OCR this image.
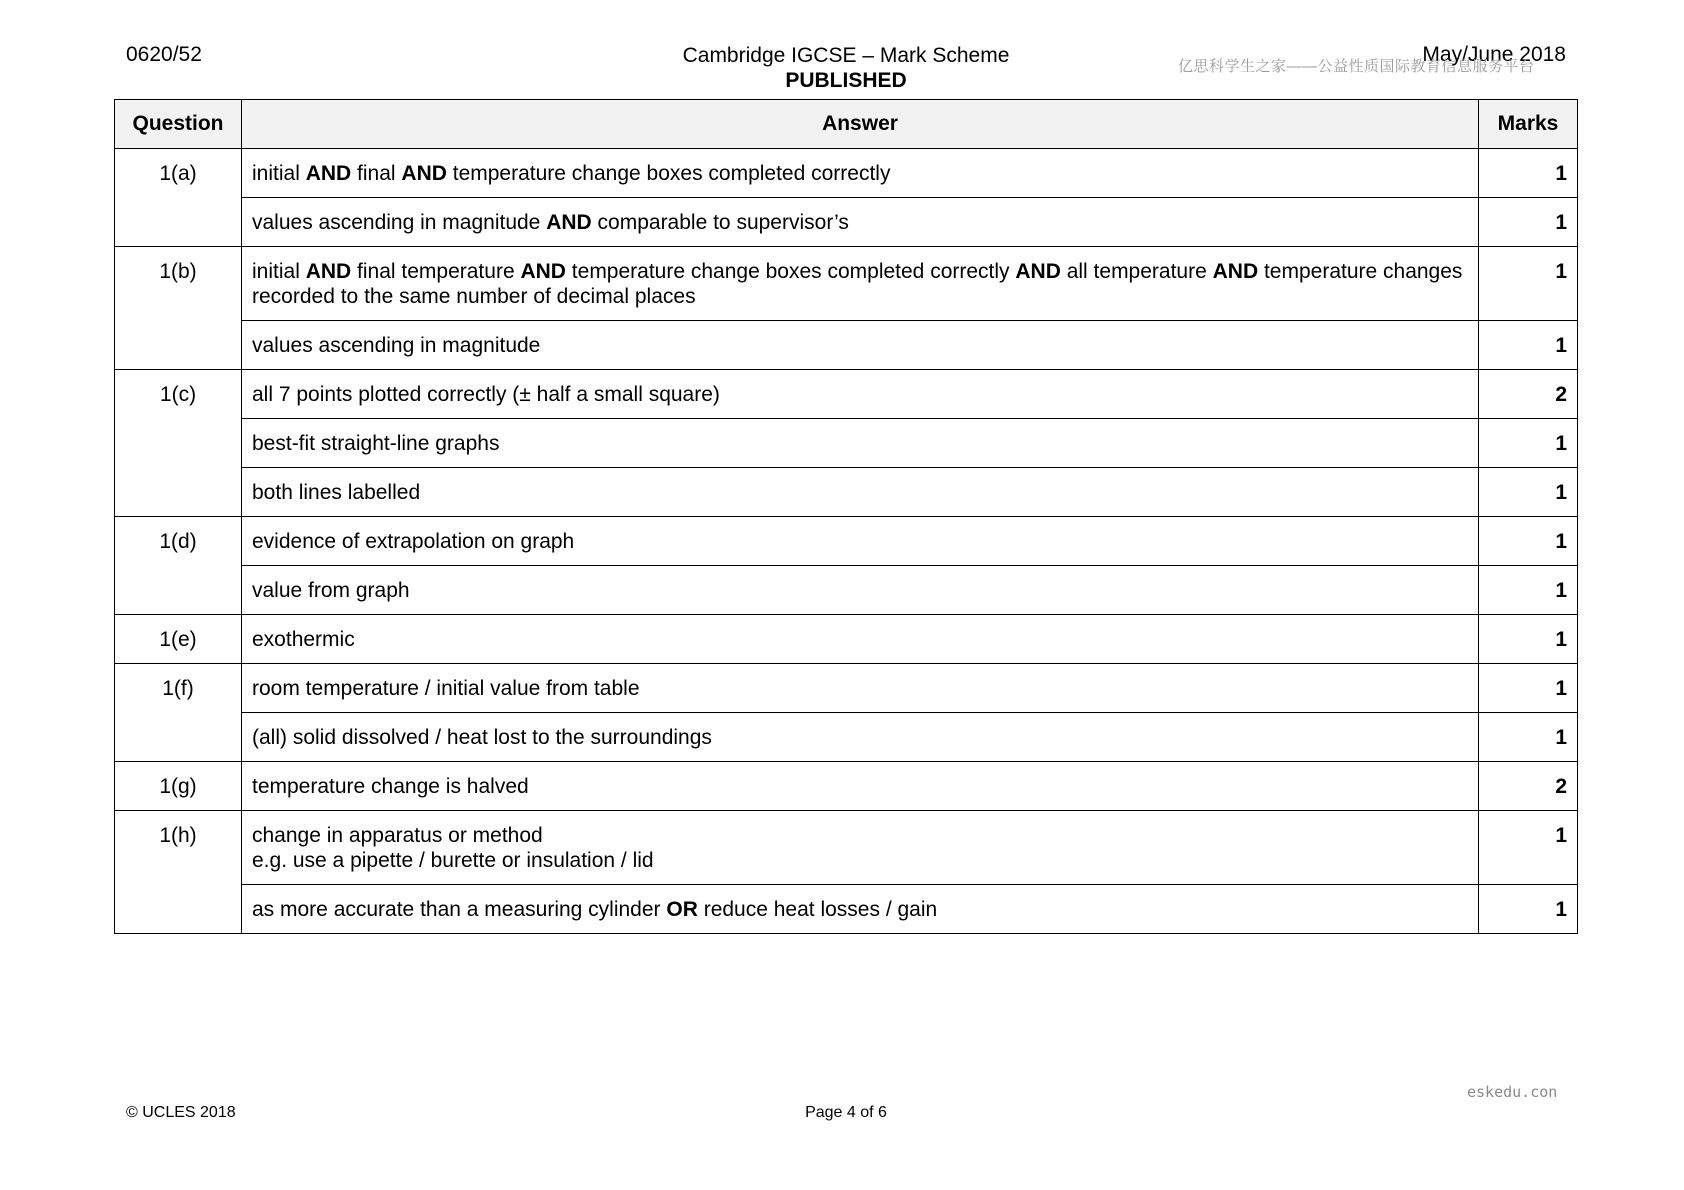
0620/52	Cambridge IGCSE – Mark Scheme
PUBLISHED
May/June 2018
亿思科学生之家——公益性质国际教育信息服务平台
Question	Answer	Marks
1(a)	initial AND final AND temperature change boxes completed correctly	1
	values ascending in magnitude AND comparable to supervisor’s	1
1(b)	initial AND final temperature AND temperature change boxes completed correctly AND all temperature AND temperature changes recorded to the same number of decimal places	1
	values ascending in magnitude	1
1(c)	all 7 points plotted correctly (± half a small square)	2
	best-fit straight-line graphs	1
	both lines labelled	1
1(d)	evidence of extrapolation on graph	1
	value from graph	1
1(e)	exothermic	1
1(f)	room temperature / initial value from table	1
	(all) solid dissolved / heat lost to the surroundings	1
1(g)	temperature change is halved	2
1(h)	change in apparatus or method
e.g. use a pipette / burette or insulation / lid	1
	as more accurate than a measuring cylinder OR reduce heat losses / gain	1
© UCLES 2018	Page 4 of 6
eskedu.con
